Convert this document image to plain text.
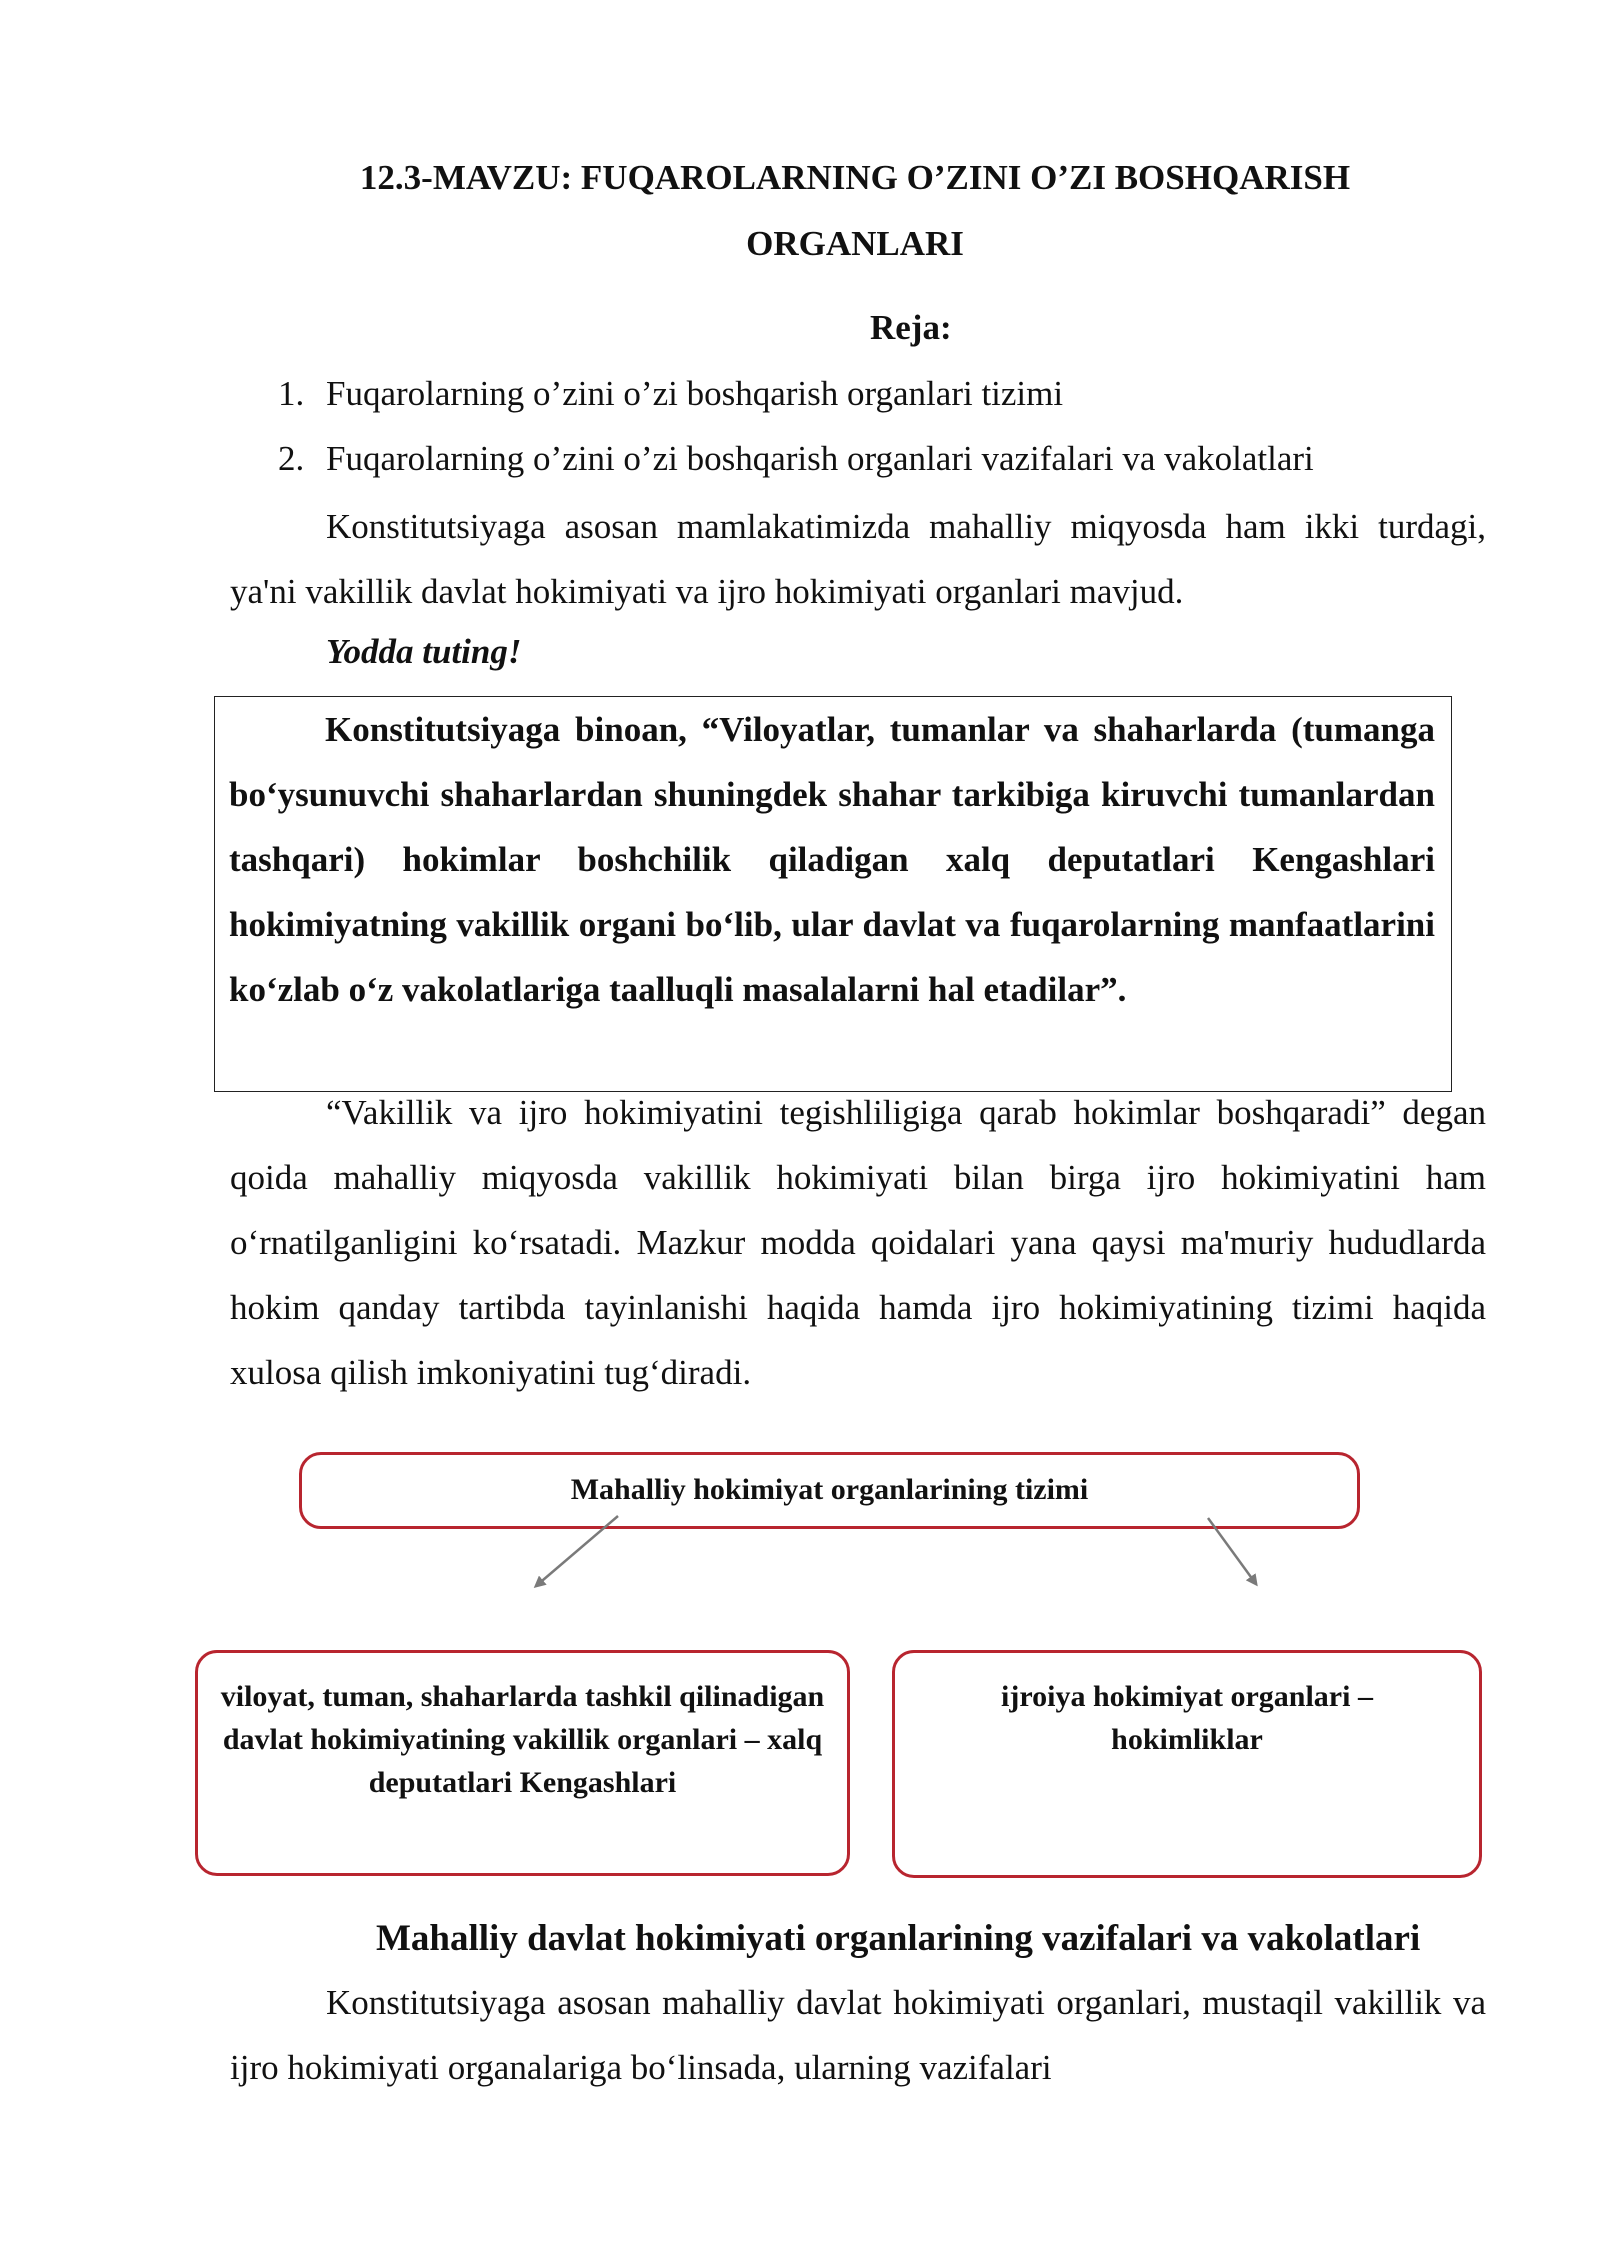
12.3-MAVZU: FUQAROLARNING O’ZINI O’ZI BOSHQARISH
ORGANLARI
Reja:
1. Fuqarolarning o’zini o’zi boshqarish organlari tizimi
2. Fuqarolarning o’zini o’zi boshqarish organlari vazifalari va vakolatlari
Konstitutsiyaga asosan mamlakatimizda mahalliy miqyosda ham ikki turdagi, ya'ni vakillik davlat hokimiyati va ijro hokimiyati organlari mavjud.
Yodda tuting!
Konstitutsiyaga binoan, “Viloyatlar, tumanlar va shaharlarda (tumanga bo‘ysunuvchi shaharlardan shuningdek shahar tarkibiga kiruvchi tumanlardan tashqari) hokimlar boshchilik qiladigan xalq deputatlari Kengashlari hokimiyatning vakillik organi bo‘lib, ular davlat va fuqarolarning manfaatlarini ko‘zlab o‘z vakolatlariga taalluqli masalalarni hal etadilar”.
“Vakillik va ijro hokimiyatini tegishliligiga qarab hokimlar boshqaradi” degan qoida mahalliy miqyosda vakillik hokimiyati bilan birga ijro hokimiyatini ham o‘rnatilganligini ko‘rsatadi. Mazkur modda qoidalari yana qaysi ma'muriy hududlarda hokim qanday tartibda tayinlanishi haqida hamda ijro hokimiyatining tizimi haqida xulosa qilish imkoniyatini tug‘diradi.
Mahalliy hokimiyat organlarining tizimi
viloyat, tuman, shaharlarda tashkil qilinadigan davlat hokimiyatining vakillik organlari – xalq deputatlari Kengashlari
ijroiya hokimiyat organlari – hokimliklar
Mahalliy davlat hokimiyati organlarining vazifalari va vakolatlari
Konstitutsiyaga asosan mahalliy davlat hokimiyati organlari, mustaqil vakillik va ijro hokimiyati organalariga bo‘linsada, ularning vazifalari
